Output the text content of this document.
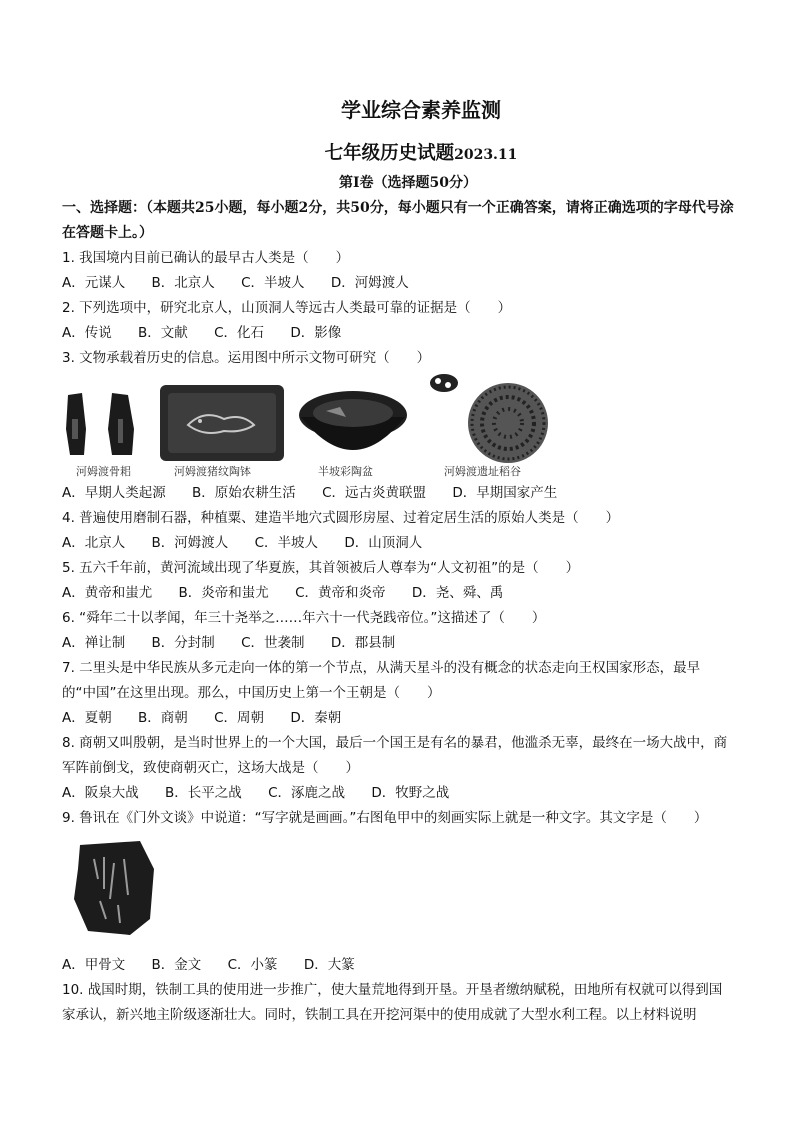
学业综合素养监测
七年级历史试题2023.11
第Ⅰ卷（选择题50分）
一、选择题：（本题共25小题，每小题2分，共50分，每小题只有一个正确答案，请将正确选项的字母代号涂在答题卡上。）
1. 我国境内目前已确认的最早古人类是（　　）
A．元谋人 B．北京人 C．半坡人 D．河姆渡人
2. 下列选项中，研究北京人，山顶洞人等远古人类最可靠的证据是（　　）
A．传说 B．文献 C．化石 D．影像
3. 文物承载着历史的信息。运用图中所示文物可研究（　　）
河姆渡骨耜	河姆渡猪纹陶钵	半坡彩陶盆	河姆渡遗址稻谷
A．早期人类起源 B．原始农耕生活 C．远古炎黄联盟 D．早期国家产生
4. 普遍使用磨制石器，种植粟、建造半地穴式圆形房屋、过着定居生活的原始人类是（　　）
A．北京人 B．河姆渡人 C．半坡人 D．山顶洞人
5. 五六千年前，黄河流域出现了华夏族，其首领被后人尊奉为“人文初祖”的是（　　）
A．黄帝和蚩尤 B．炎帝和蚩尤 C．黄帝和炎帝 D．尧、舜、禹
6. “舜年二十以孝闻，年三十尧举之……年六十一代尧践帝位。”这描述了（　　）
A．禅让制 B．分封制 C．世袭制 D．郡县制
7. 二里头是中华民族从多元走向一体的第一个节点，从满天星斗的没有概念的状态走向王权国家形态，最早的“中国”在这里出现。那么，中国历史上第一个王朝是（　　）
A．夏朝 B．商朝 C．周朝 D．秦朝
8. 商朝又叫殷朝，是当时世界上的一个大国，最后一个国王是有名的暴君，他滥杀无辜，最终在一场大战中，商军阵前倒戈，致使商朝灭亡，这场大战是（　　）
A．阪泉大战 B．长平之战 C．涿鹿之战 D．牧野之战
9. 鲁讯在《门外文谈》中说道：“写字就是画画。”右图龟甲中的刻画实际上就是一种文字。其文字是（　　）
A．甲骨文 B．金文 C．小篆 D．大篆
10. 战国时期，铁制工具的使用进一步推广，使大量荒地得到开垦。开垦者缴纳赋税，田地所有权就可以得到国家承认，新兴地主阶级逐渐壮大。同时，铁制工具在开挖河渠中的使用成就了大型水利工程。以上材料说明
